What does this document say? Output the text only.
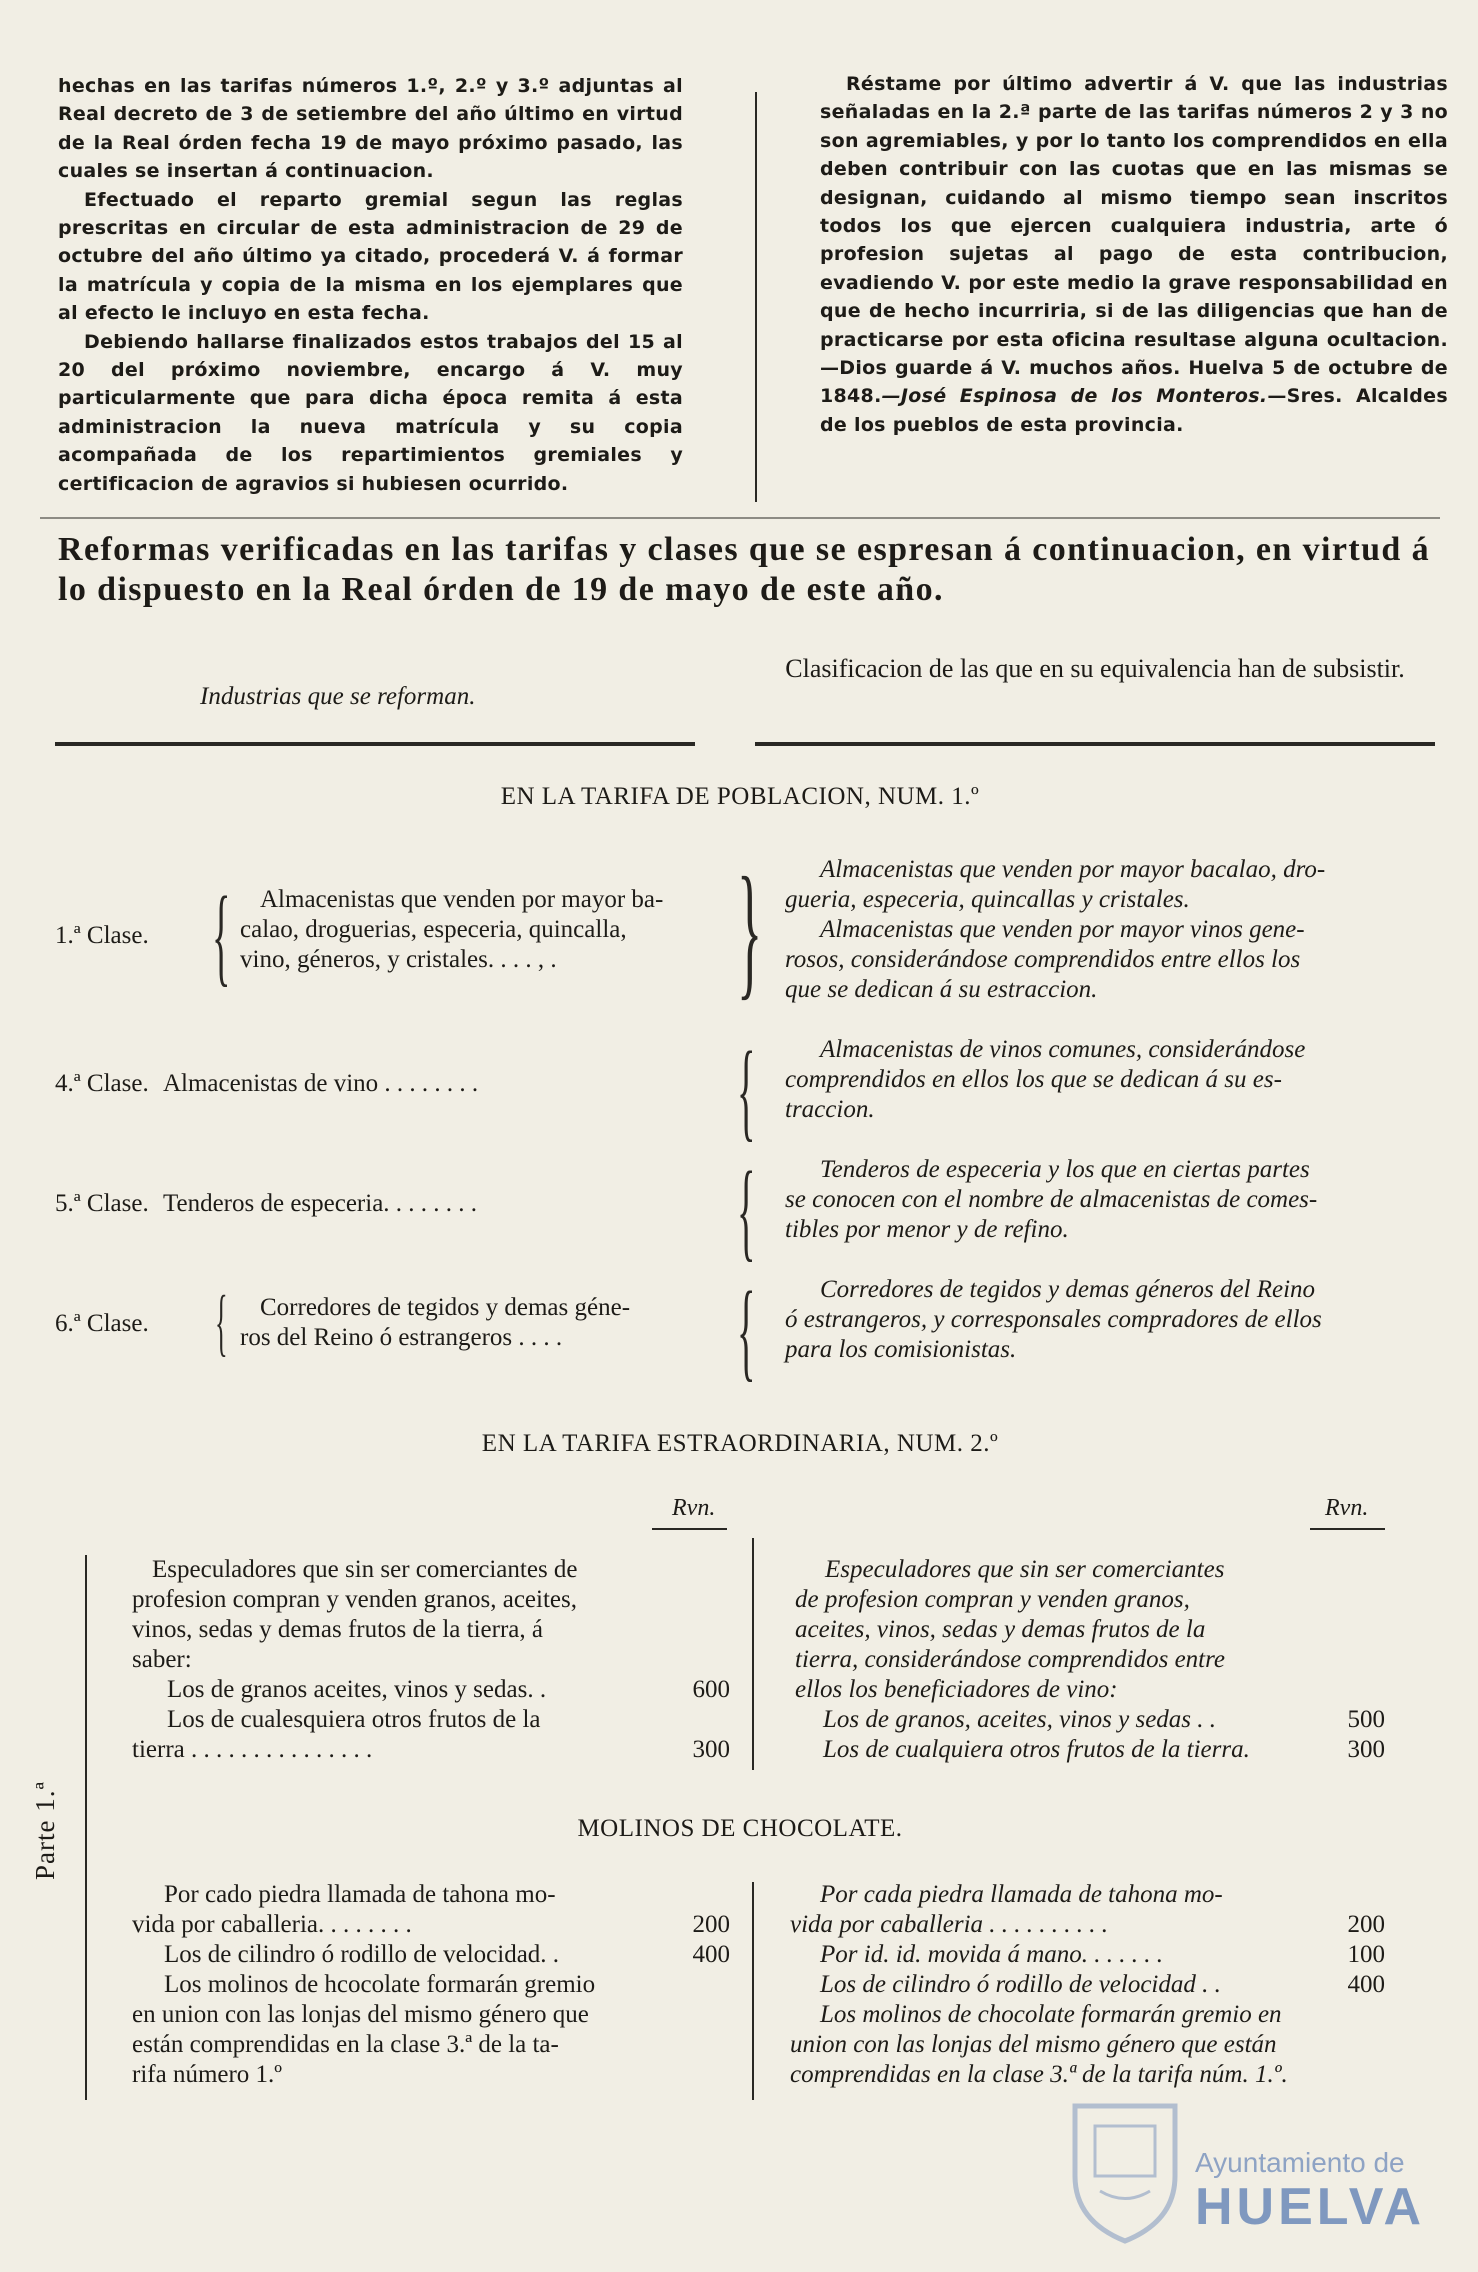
hechas en las tarifas números 1.º, 2.º y 3.º adjuntas al Real decreto de 3 de setiembre del año último en virtud de la Real órden fecha 19 de mayo próximo pasado, las cuales se insertan á continuacion.

Efectuado el reparto gremial segun las reglas prescritas en circular de esta administracion de 29 de octubre del año último ya citado, procederá V. á formar la matrícula y copia de la misma en los ejemplares que al efecto le incluyo en esta fecha.

Debiendo hallarse finalizados estos trabajos del 15 al 20 del próximo noviembre, encargo á V. muy particularmente que para dicha época remita á esta administracion la nueva matrícula y su copia acompañada de los repartimientos gremiales y certificacion de agravios si hubiesen ocurrido.

Réstame por último advertir á V. que las industrias señaladas en la 2.ª parte de las tarifas números 2 y 3 no son agremiables, y por lo tanto los comprendidos en ella deben contribuir con las cuotas que en las mismas se designan, cuidando al mismo tiempo sean inscritos todos los que ejercen cualquiera industria, arte ó profesion sujetas al pago de esta contribucion, evadiendo V. por este medio la grave responsabilidad en que de hecho incurriria, si de las diligencias que han de practicarse por esta oficina resultase alguna ocultacion.—Dios guarde á V. muchos años. Huelva 5 de octubre de 1848.—José Espinosa de los Monteros.—Sres. Alcaldes de los pueblos de esta provincia.

Reformas verificadas en las tarifas y clases que se espresan á continuacion, en virtud á lo dispuesto en la Real órden de 19 de mayo de este año.
Industrias que se reforman.
Clasificacion de las que en su equivalencia han de subsistir.
EN LA TARIFA DE POBLACION, NUM. 1.º
1.ª Clase. {	Almacenistas que venden por mayor ba-
calao, droguerias, especeria, quincalla,
vino, géneros, y cristales. . . . , .	}	Almacenistas que venden por mayor bacalao, dro-
gueria, especeria, quincallas y cristales.
Almacenistas que venden por mayor vinos gene-
rosos, considerándose comprendidos entre ellos los
que se dedican á su estraccion.
4.ª Clase. Almacenistas de vino . . . . . . . .	{	Almacenistas de vinos comunes, considerándose
comprendidos en ellos los que se dedican á su es-
traccion.
5.ª Clase. Tenderos de especeria. . . . . . . .	{	Tenderos de especeria y los que en ciertas partes
se conocen con el nombre de almacenistas de comes-
tibles por menor y de refino.
6.ª Clase. {	Corredores de tegidos y demas géne-
ros del Reino ó estrangeros . . . .	{	Corredores de tegidos y demas géneros del Reino
ó estrangeros, y corresponsales compradores de ellos
para los comisionistas.
EN LA TARIFA ESTRAORDINARIA, NUM. 2.º
Rvn.	Rvn.
Parte 1.ª
Especuladores que sin ser comerciantes de
profesion compran y venden granos, aceites,
vinos, sedas y demas frutos de la tierra, á
saber:
Los de granos aceites, vinos y sedas. .	600
Los de cualesquiera otros frutos de la
tierra . . . . . . . . . . . . . . .	300
Especuladores que sin ser comerciantes
de profesion compran y venden granos,
aceites, vinos, sedas y demas frutos de la
tierra, considerándose comprendidos entre
ellos los beneficiadores de vino:
Los de granos, aceites, vinos y sedas . .	500
Los de cualquiera otros frutos de la tierra.	300
MOLINOS DE CHOCOLATE.
Por cado piedra llamada de tahona mo-
vida por caballeria. . . . . . . .	200
Los de cilindro ó rodillo de velocidad. .	400
Los molinos de hcocolate formarán gremio
en union con las lonjas del mismo género que
están comprendidas en la clase 3.ª de la ta-
rifa número 1.º
Por cada piedra llamada de tahona mo-
vida por caballeria . . . . . . . . . .	200
Por id. id. movida á mano. . . . . . .	100
Los de cilindro ó rodillo de velocidad . .	400
Los molinos de chocolate formarán gremio en
union con las lonjas del mismo género que están
comprendidas en la clase 3.ª de la tarifa núm. 1.º.
Ayuntamiento de
HUELVA
